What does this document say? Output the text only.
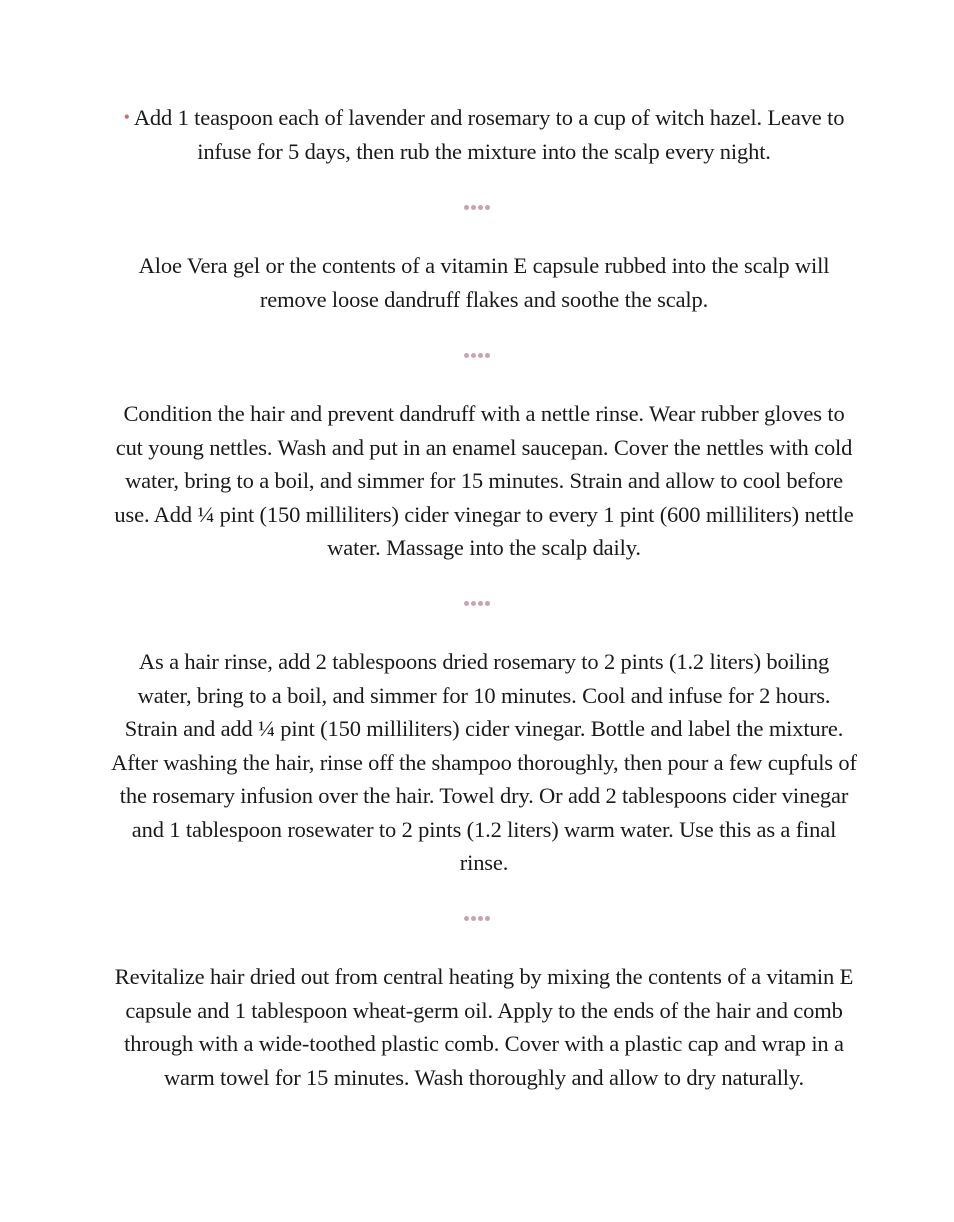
• Add 1 teaspoon each of lavender and rosemary to a cup of witch hazel. Leave to infuse for 5 days, then rub the mixture into the scalp every night.

Aloe Vera gel or the contents of a vitamin E capsule rubbed into the scalp will remove loose dandruff flakes and soothe the scalp.

Condition the hair and prevent dandruff with a nettle rinse. Wear rubber gloves to cut young nettles. Wash and put in an enamel saucepan. Cover the nettles with cold water, bring to a boil, and simmer for 15 minutes. Strain and allow to cool before use. Add ¼ pint (150 milliliters) cider vinegar to every 1 pint (600 milliliters) nettle water. Massage into the scalp daily.

As a hair rinse, add 2 tablespoons dried rosemary to 2 pints (1.2 liters) boiling water, bring to a boil, and simmer for 10 minutes. Cool and infuse for 2 hours. Strain and add ¼ pint (150 milliliters) cider vinegar. Bottle and label the mixture. After washing the hair, rinse off the shampoo thoroughly, then pour a few cupfuls of the rosemary infusion over the hair. Towel dry. Or add 2 tablespoons cider vinegar and 1 tablespoon rosewater to 2 pints (1.2 liters) warm water. Use this as a final rinse.

Revitalize hair dried out from central heating by mixing the contents of a vitamin E capsule and 1 tablespoon wheat-germ oil. Apply to the ends of the hair and comb through with a wide-toothed plastic comb. Cover with a plastic cap and wrap in a warm towel for 15 minutes. Wash thoroughly and allow to dry naturally.
